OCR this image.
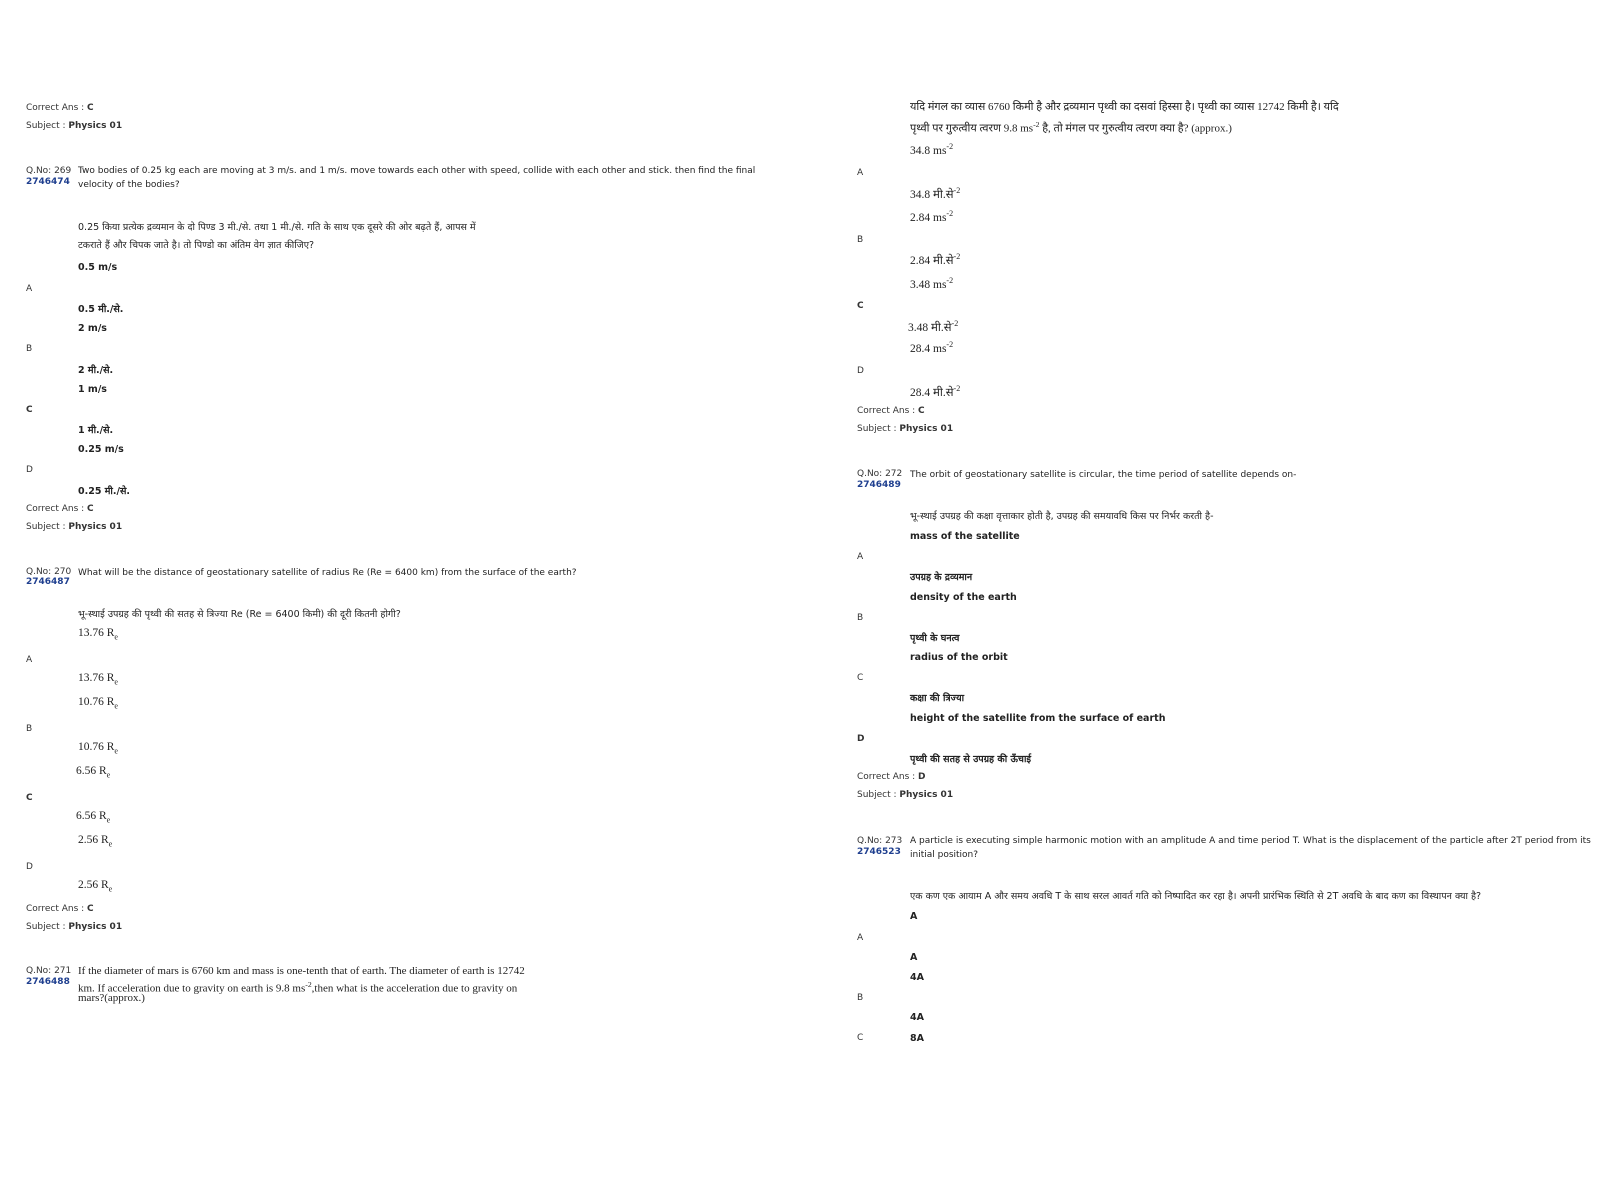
Correct Ans : C
Subject : Physics 01
Q.No: 269
2746474
Two bodies of 0.25 kg each are moving at 3 m/s. and 1 m/s. move towards each other with speed, collide with each other and stick. then find the final velocity of the bodies?
0.25 किया प्रत्येक द्रव्यमान के दो पिण्ड 3 मी./से. तथा 1 मी./से. गति के साथ एक दूसरे की ओर बढ़ते हैं, आपस में
टकराते हैं और चिपक जाते है। तो पिण्डो का अंतिम वेग ज्ञात कीजिए?
0.5 m/s
A
0.5 मी./से.
2 m/s
B
2 मी./से.
1 m/s
C
1 मी./से.
0.25 m/s
D
0.25 मी./से.
Correct Ans : C
Subject : Physics 01
Q.No: 270
2746487
What will be the distance of geostationary satellite of radius Re (Re = 6400 km) from the surface of the earth?
भू-स्थाई उपग्रह की पृथ्वी की सतह से त्रिज्या Re (Re = 6400 किमी) की दूरी कितनी होगी?
13.76 $R_e$
A
13.76 $R_e$
10.76 $R_e$
B
10.76 $R_e$
6.56 $R_e$
C
6.56 $R_e$
2.56 $R_e$
D
2.56 $R_e$
Correct Ans : C
Subject : Physics 01
Q.No: 271
2746488
If the diameter of mars is 6760 km and mass is one-tenth that of earth. The diameter of earth is 12742
km. If acceleration due to gravity on earth is 9.8 $ms^{-2},then$ what is the acceleration due to gravity on
mars?(approx.)
यदि मंगल का व्यास 6760 किमी है और द्रव्यमान पृथ्वी का दसवां हिस्सा है। पृथ्वी का व्यास 12742 किमी है। यदि
पृथ्वी पर गुरुत्वीय त्वरण 9.8 $ms^{-2}$ है, तो मंगल पर गुरुत्वीय त्वरण क्या है? (approx.)
34.8 $ms^{-2}$
A
34.8 मी.से$^{-2}$
2.84 $ms^{-2}$
B
2.84 मी.से$^{-2}$
3.48 $ms^{-2}$
C
3.48 मी.से$^{-2}$
28.4 $ms^{-2}$
D
28.4 मी.से$^{-2}$
Correct Ans : C
Subject : Physics 01
Q.No: 272
2746489
The orbit of geostationary satellite is circular, the time period of satellite depends on-
भू-स्थाई उपग्रह की कक्षा वृत्ताकार होती है, उपग्रह की समयावधि किस पर निर्भर करती है-
mass of the satellite
A
उपग्रह के द्रव्यमान
density of the earth
B
पृथ्वी के घनत्व
radius of the orbit
C
कक्षा की त्रिज्या
height of the satellite from the surface of earth
D
पृथ्वी की सतह से उपग्रह की ऊँचाई
Correct Ans : D
Subject : Physics 01
Q.No: 273
2746523
A particle is executing simple harmonic motion with an amplitude A and time period T. What is the displacement of the particle after 2T period from its initial position?
एक कण एक आयाम A और समय अवधि T के साथ सरल आवर्त गति को निष्पादित कर रहा है। अपनी प्रारंभिक स्थिति से 2T अवधि के बाद कण का विस्थापन क्या है?
A
A
A
4A
B
4A
C	8A
